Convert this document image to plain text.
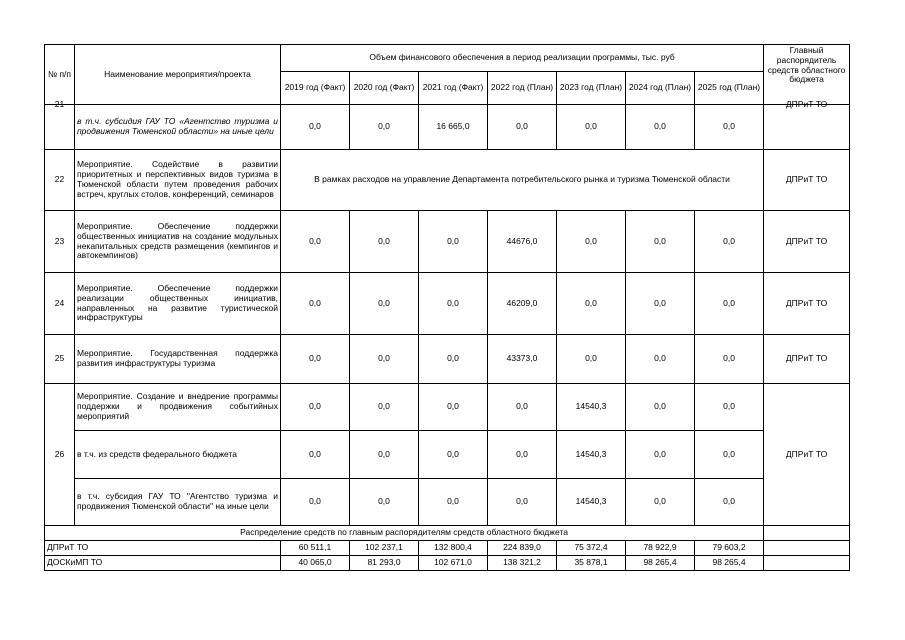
№ п/п	Наименование мероприятия/проекта	Объем финансового обеспечения в период реализации программы, тыс. руб							Главный распорядитель средств областного бюджета
		2019 год (Факт)	2020 год (Факт)	2021 год (Факт)	2022 год (План)	2023 год (План)	2024 год (План)	2025 год (План)	

21	в т.ч. субсидия ГАУ ТО «Агентство туризма и продвижения Тюменской области» на иные цели	0,0	0,0	16 665,0	0,0	0,0	0,0	0,0	ДПРиТ ТО

22	Мероприятие. Содействие в развитии приоритетных и перспективных видов туризма в Тюменской области путем проведения рабочих встреч, круглых столов, конференций, семинаров	В рамках расходов на управление Департамента потребительского рынка и туризма Тюменской области							ДПРиТ ТО
23	Мероприятие. Обеспечение поддержки общественных инициатив на создание модульных некапитальных средств размещения (кемпингов и автокемпингов)	0,0	0,0	0,0	44676,0	0,0	0,0	0,0	ДПРиТ ТО
24	Мероприятие. Обеспечение поддержки реализации общественных инициатив, направленных на развитие туристической инфраструктуры	0,0	0,0	0,0	46209,0	0,0	0,0	0,0	ДПРиТ ТО
25	Мероприятие. Государственная поддержка развития инфраструктуры туризма	0,0	0,0	0,0	43373,0	0,0	0,0	0,0	ДПРиТ ТО
26	Мероприятие. Создание и внедрение программы поддержки и продвижения событийных мероприятий	0,0	0,0	0,0	0,0	14540,3	0,0	0,0	ДПРиТ ТО
	в т.ч. из средств федерального бюджета	0,0	0,0	0,0	0,0	14540,3	0,0	0,0	
	в т.ч. субсидия ГАУ ТО "Агентство туризма и продвижения Тюменской области" на иные цели	0,0	0,0	0,0	0,0	14540,3	0,0	0,0	
Распределение средств по главным распорядителям средств областного бюджета									
ДПРиТ ТО		60 511,1	102 237,1	132 800,4	224 839,0	75 372,4	78 922,9	79 603,2	
ДОСКиМП ТО		40 065,0	81 293,0	102 671,0	138 321,2	35 878,1	98 265,4	98 265,4	
